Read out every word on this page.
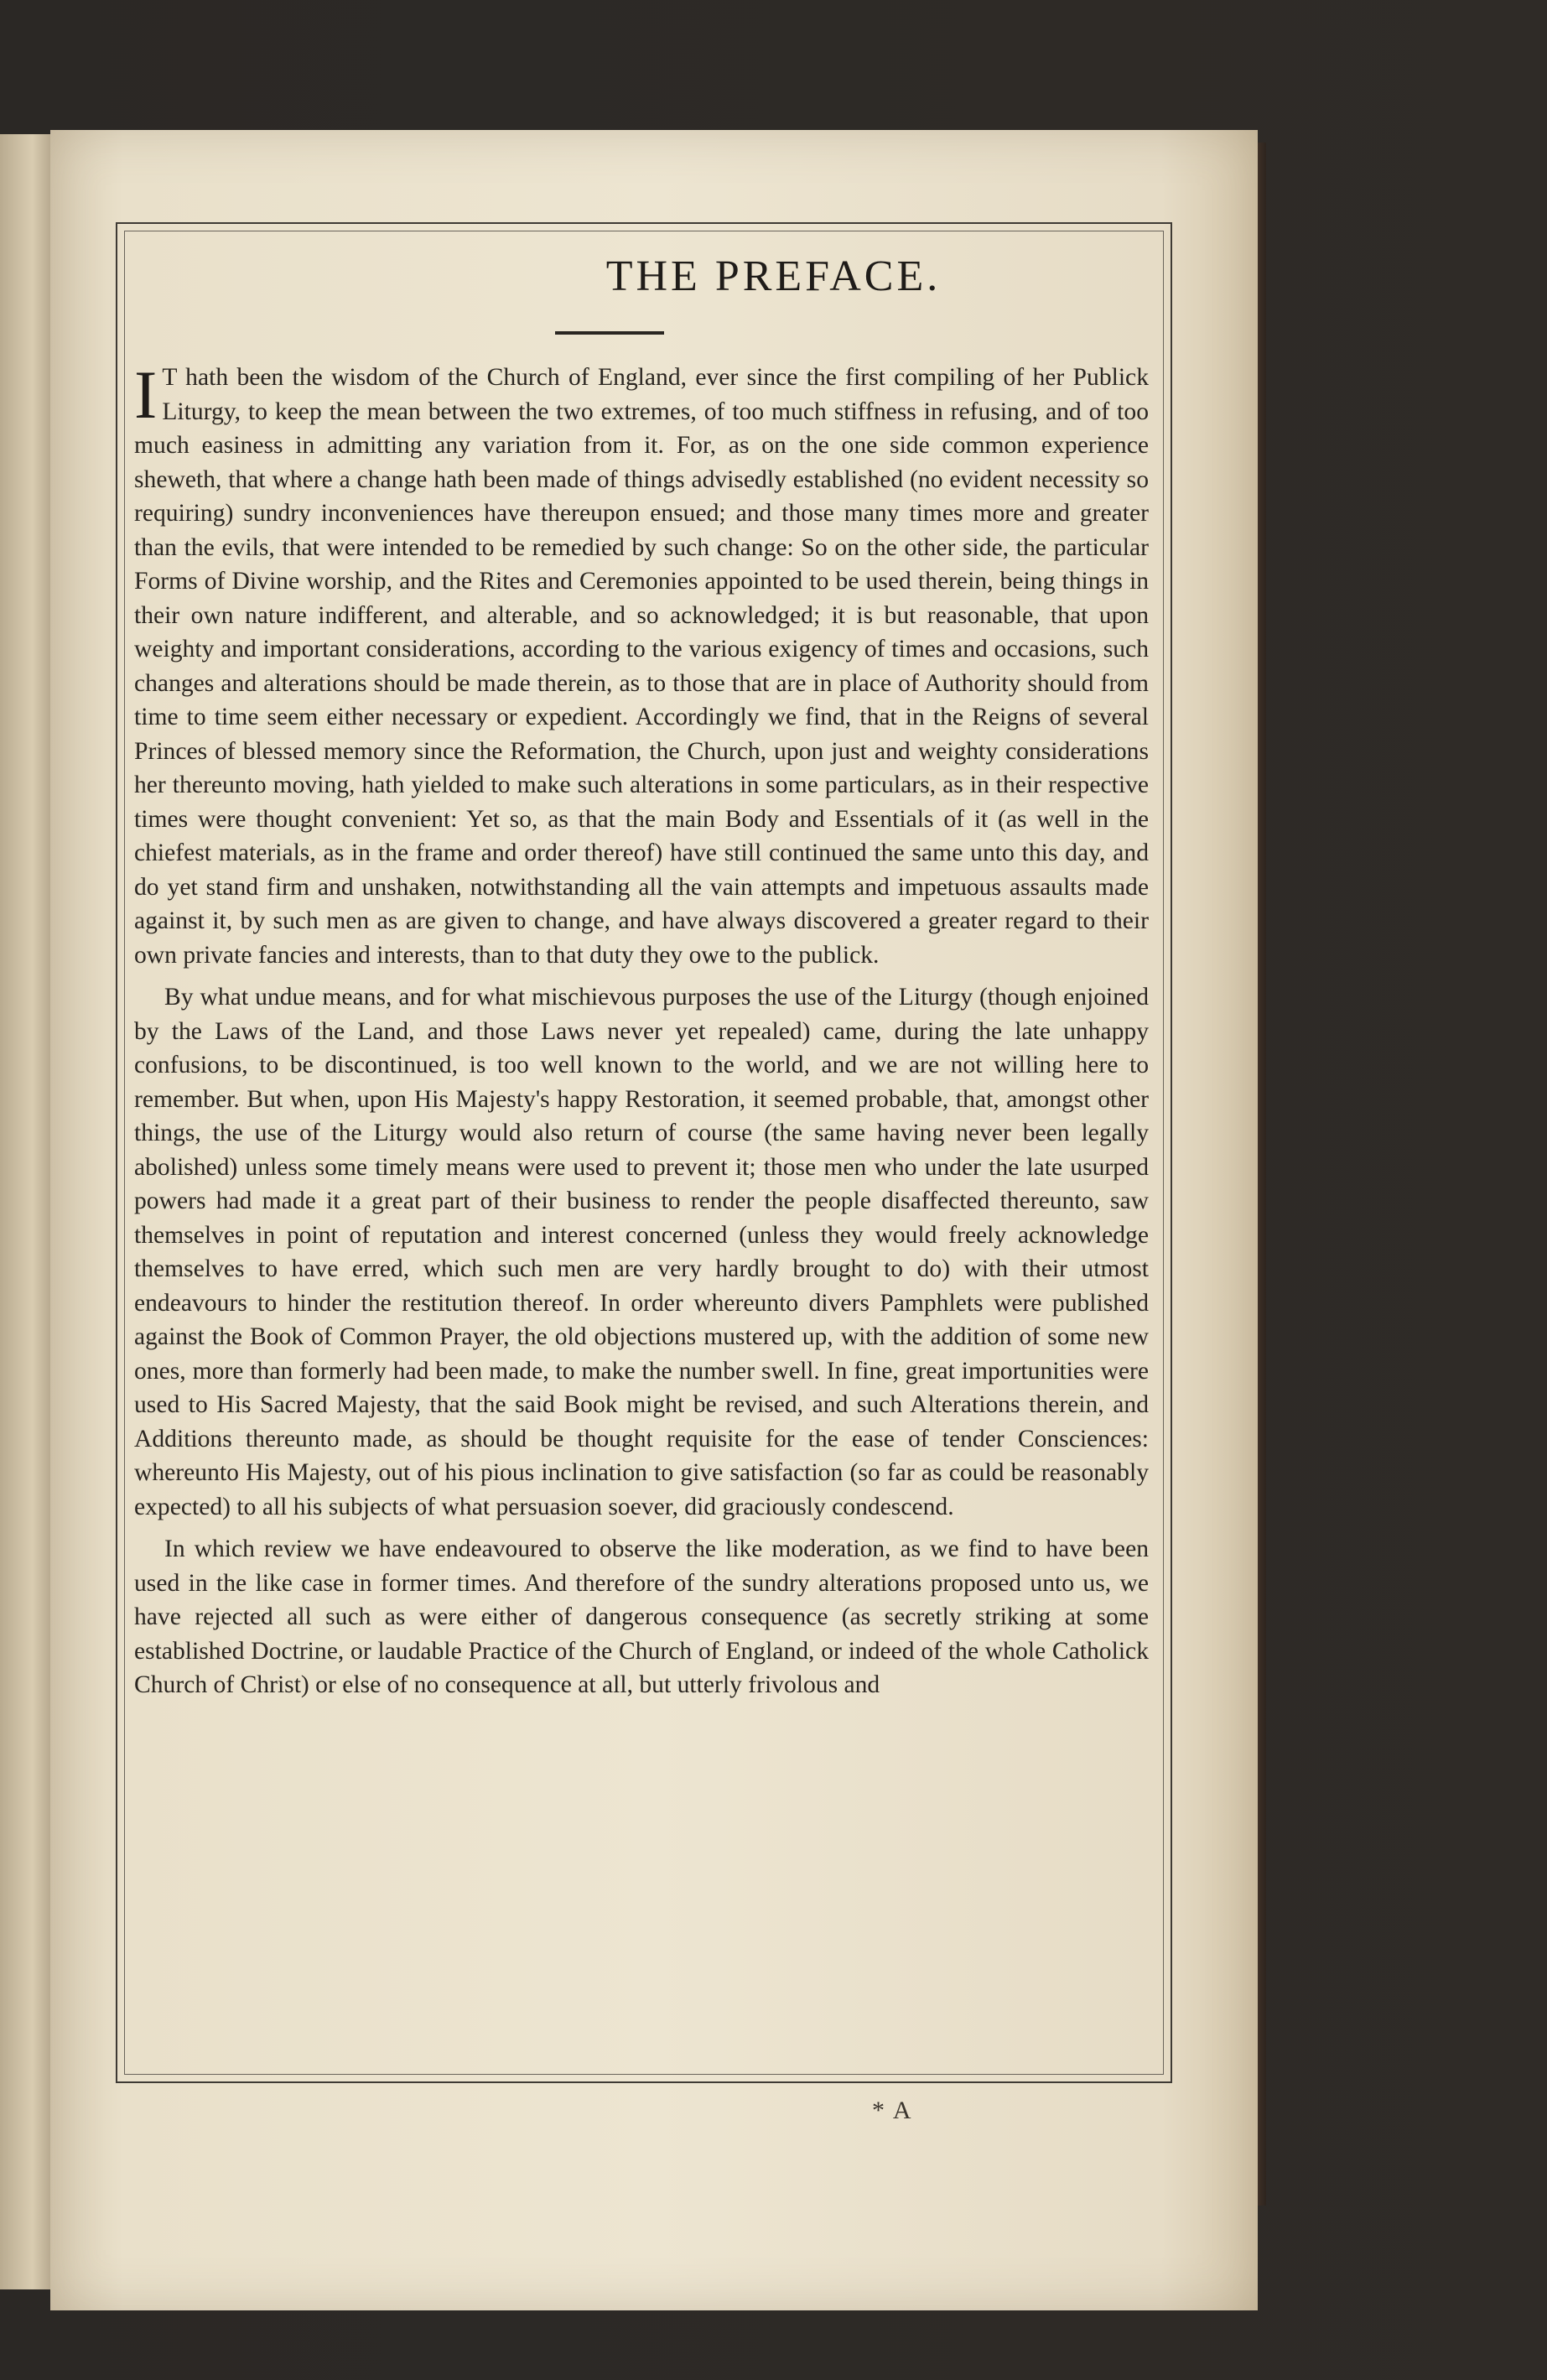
THE PREFACE.

I T hath been the wisdom of the Church of England, ever since the first compiling of her Publick Liturgy, to keep the mean between the two extremes, of too much stiffness in refusing, and of too much easiness in admitting any variation from it. For, as on the one side common experience sheweth, that where a change hath been made of things advisedly established (no evident necessity so requiring) sundry inconveniences have thereupon ensued; and those many times more and greater than the evils, that were intended to be remedied by such change: So on the other side, the particular Forms of Divine worship, and the Rites and Ceremonies appointed to be used therein, being things in their own nature indifferent, and alterable, and so acknowledged; it is but reasonable, that upon weighty and important considerations, according to the various exigency of times and occasions, such changes and alterations should be made therein, as to those that are in place of Authority should from time to time seem either necessary or expedient. Accordingly we find, that in the Reigns of several Princes of blessed memory since the Reformation, the Church, upon just and weighty considerations her thereunto moving, hath yielded to make such alterations in some particulars, as in their respective times were thought convenient: Yet so, as that the main Body and Essentials of it (as well in the chiefest materials, as in the frame and order thereof) have still continued the same unto this day, and do yet stand firm and unshaken, notwithstanding all the vain attempts and impetuous assaults made against it, by such men as are given to change, and have always discovered a greater regard to their own private fancies and interests, than to that duty they owe to the publick.

By what undue means, and for what mischievous purposes the use of the Liturgy (though enjoined by the Laws of the Land, and those Laws never yet repealed) came, during the late unhappy confusions, to be discontinued, is too well known to the world, and we are not willing here to remember. But when, upon His Majesty's happy Restoration, it seemed probable, that, amongst other things, the use of the Liturgy would also return of course (the same having never been legally abolished) unless some timely means were used to prevent it; those men who under the late usurped powers had made it a great part of their business to render the people disaffected thereunto, saw themselves in point of reputation and interest concerned (unless they would freely acknowledge themselves to have erred, which such men are very hardly brought to do) with their utmost endeavours to hinder the restitution thereof. In order whereunto divers Pamphlets were published against the Book of Common Prayer, the old objections mustered up, with the addition of some new ones, more than formerly had been made, to make the number swell. In fine, great importunities were used to His Sacred Majesty, that the said Book might be revised, and such Alterations therein, and Additions thereunto made, as should be thought requisite for the ease of tender Consciences: whereunto His Majesty, out of his pious inclination to give satisfaction (so far as could be reasonably expected) to all his subjects of what persuasion soever, did graciously condescend.

In which review we have endeavoured to observe the like moderation, as we find to have been used in the like case in former times. And therefore of the sundry alterations proposed unto us, we have rejected all such as were either of dangerous consequence (as secretly striking at some established Doctrine, or laudable Practice of the Church of England, or indeed of the whole Catholick Church of Christ) or else of no consequence at all, but utterly frivolous and

* A
